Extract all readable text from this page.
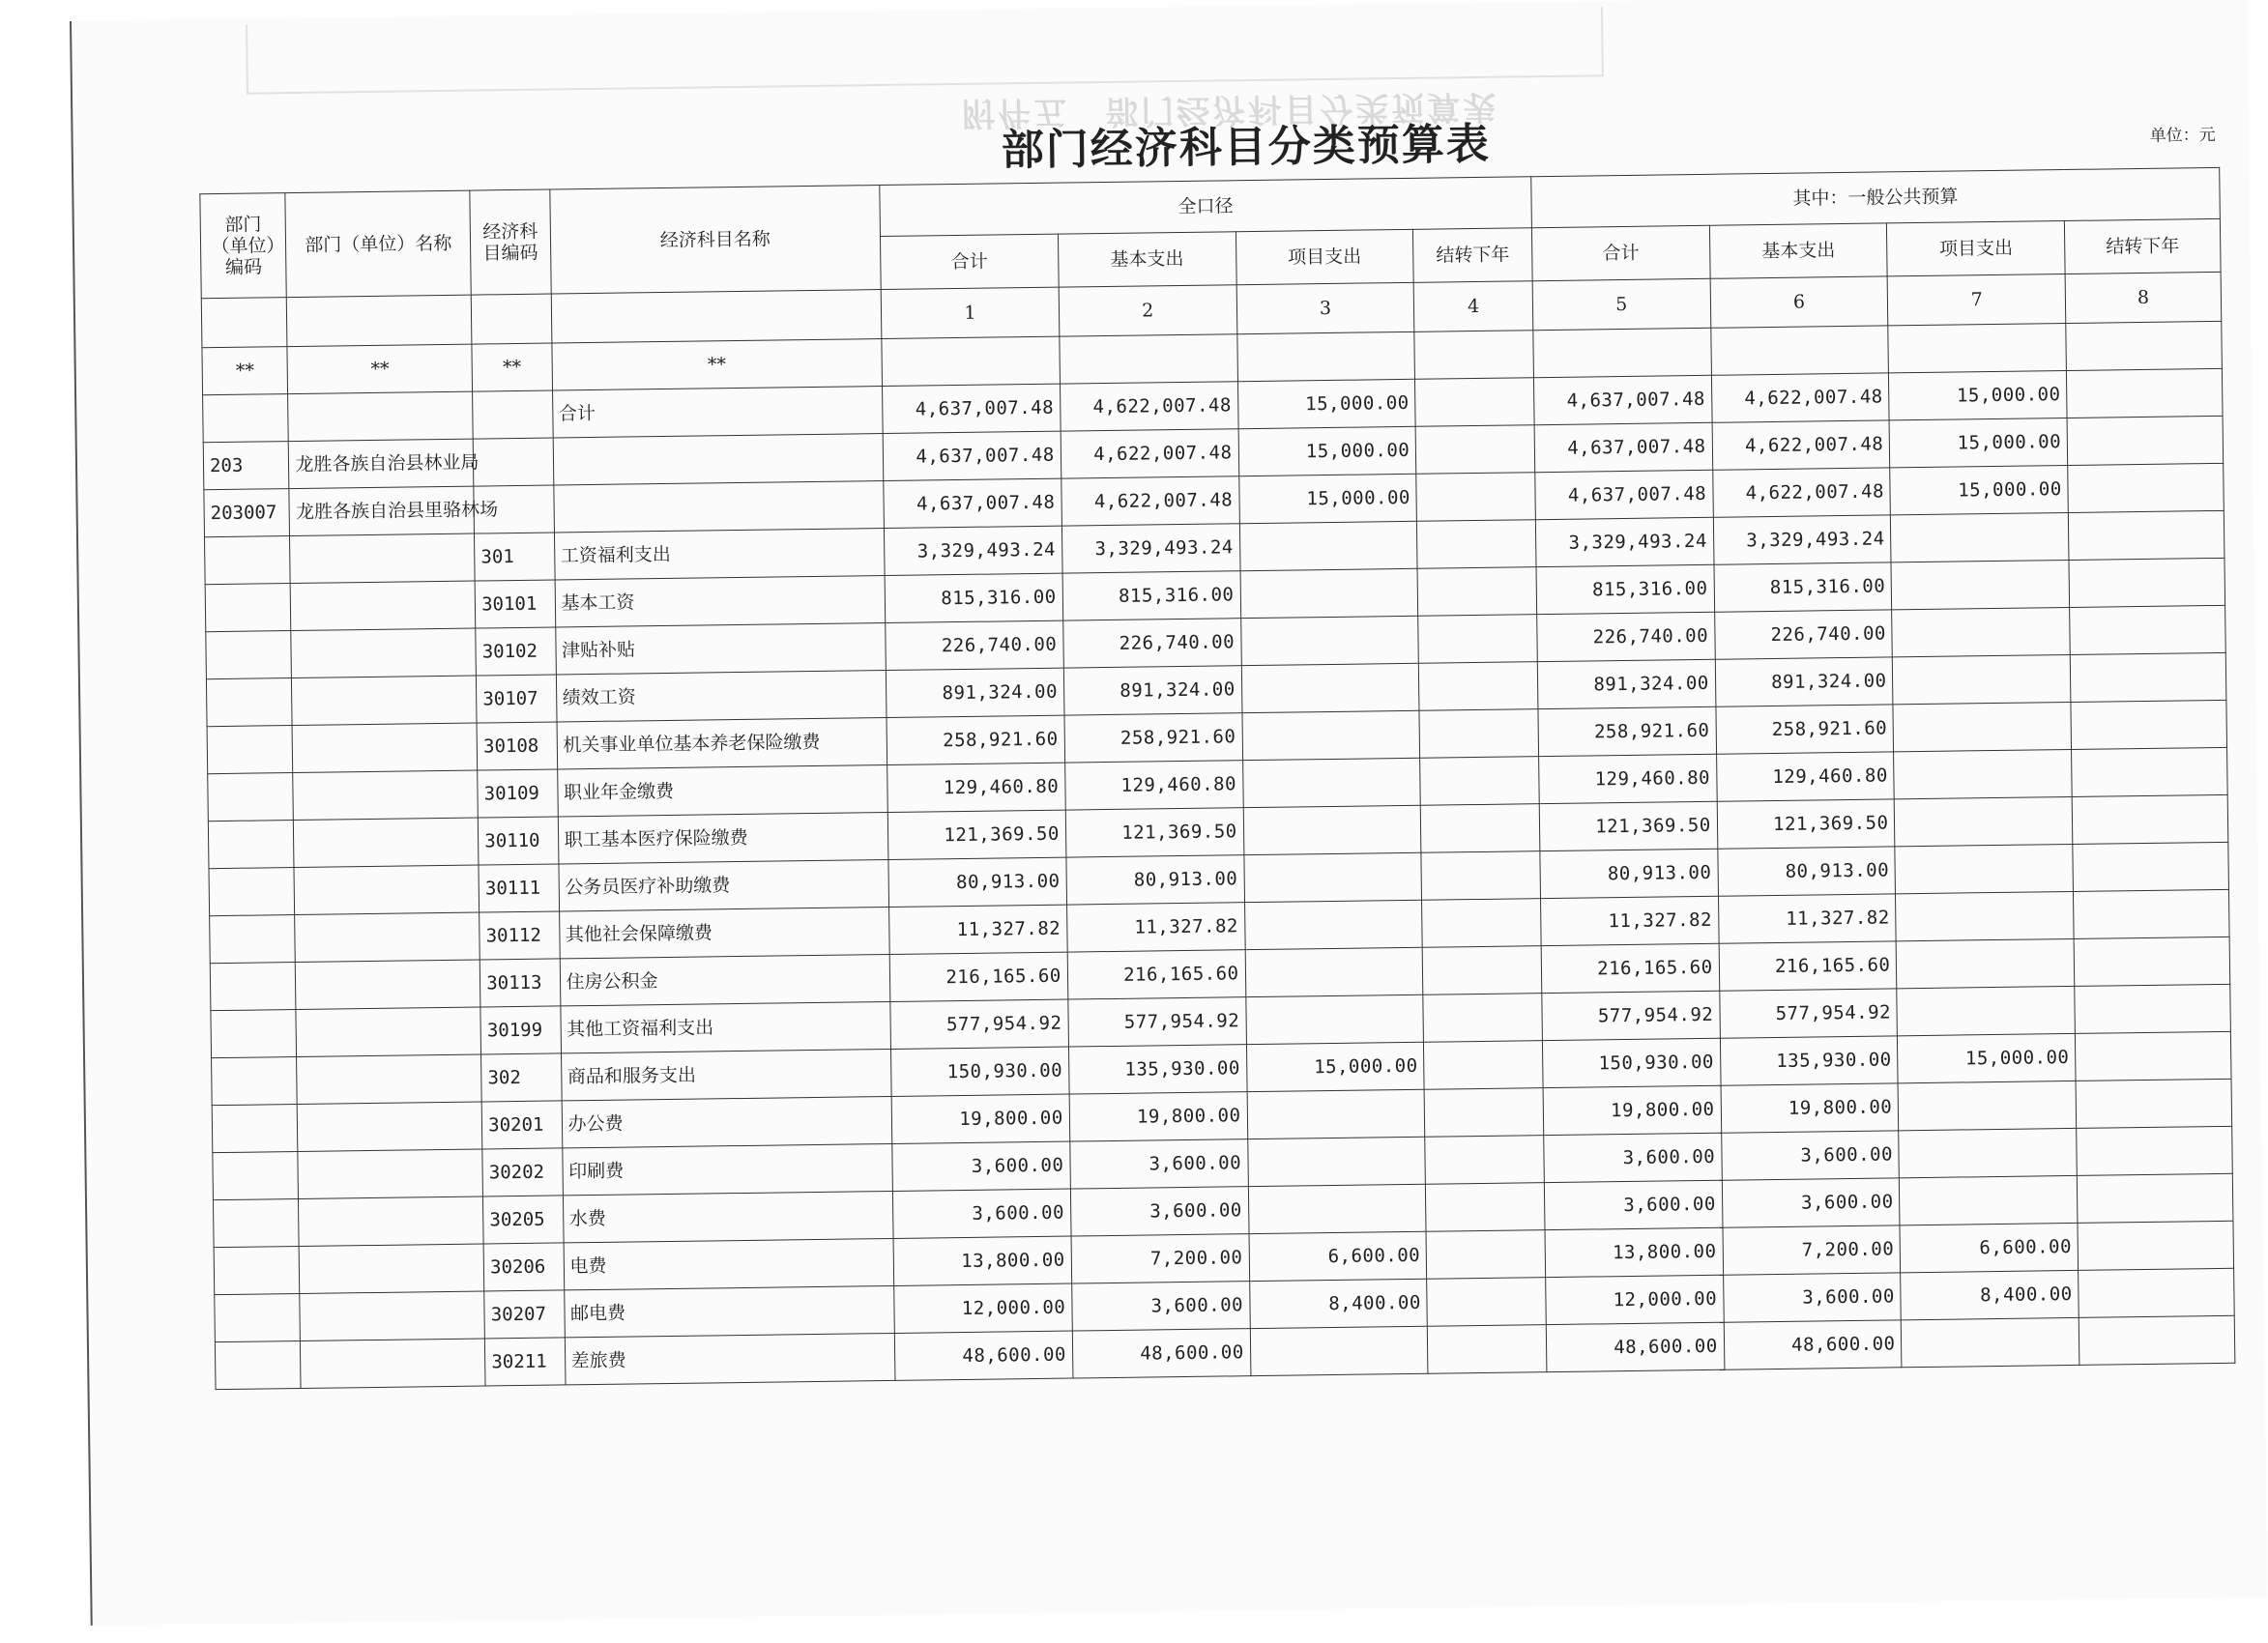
附件五　部门经济科目分类预算表
部门经济科目分类预算表	单位：元
部门（单位）编码	部门（单位）名称	经济科目编码	经济科目名称	全口径				其中：一般公共预算			
				合计	基本支出	项目支出	结转下年	合计	基本支出	项目支出	结转下年
				1	2	3	4	5	6	7	8
**	**	**	**								
			合计	4,637,007.48	4,622,007.48	15,000.00		4,637,007.48	4,622,007.48	15,000.00	
203	龙胜各族自治县林业局			4,637,007.48	4,622,007.48	15,000.00		4,637,007.48	4,622,007.48	15,000.00	
203007	龙胜各族自治县里骆林场			4,637,007.48	4,622,007.48	15,000.00		4,637,007.48	4,622,007.48	15,000.00	
		301	工资福利支出	3,329,493.24	3,329,493.24			3,329,493.24	3,329,493.24		
		30101	基本工资	815,316.00	815,316.00			815,316.00	815,316.00		
		30102	津贴补贴	226,740.00	226,740.00			226,740.00	226,740.00		
		30107	绩效工资	891,324.00	891,324.00			891,324.00	891,324.00		
		30108	机关事业单位基本养老保险缴费	258,921.60	258,921.60			258,921.60	258,921.60		
		30109	职业年金缴费	129,460.80	129,460.80			129,460.80	129,460.80		
		30110	职工基本医疗保险缴费	121,369.50	121,369.50			121,369.50	121,369.50		
		30111	公务员医疗补助缴费	80,913.00	80,913.00			80,913.00	80,913.00		
		30112	其他社会保障缴费	11,327.82	11,327.82			11,327.82	11,327.82		
		30113	住房公积金	216,165.60	216,165.60			216,165.60	216,165.60		
		30199	其他工资福利支出	577,954.92	577,954.92			577,954.92	577,954.92		
		302	商品和服务支出	150,930.00	135,930.00	15,000.00		150,930.00	135,930.00	15,000.00	
		30201	办公费	19,800.00	19,800.00			19,800.00	19,800.00		
		30202	印刷费	3,600.00	3,600.00			3,600.00	3,600.00		
		30205	水费	3,600.00	3,600.00			3,600.00	3,600.00		
		30206	电费	13,800.00	7,200.00	6,600.00		13,800.00	7,200.00	6,600.00	
		30207	邮电费	12,000.00	3,600.00	8,400.00		12,000.00	3,600.00	8,400.00	
		30211	差旅费	48,600.00	48,600.00			48,600.00	48,600.00		
